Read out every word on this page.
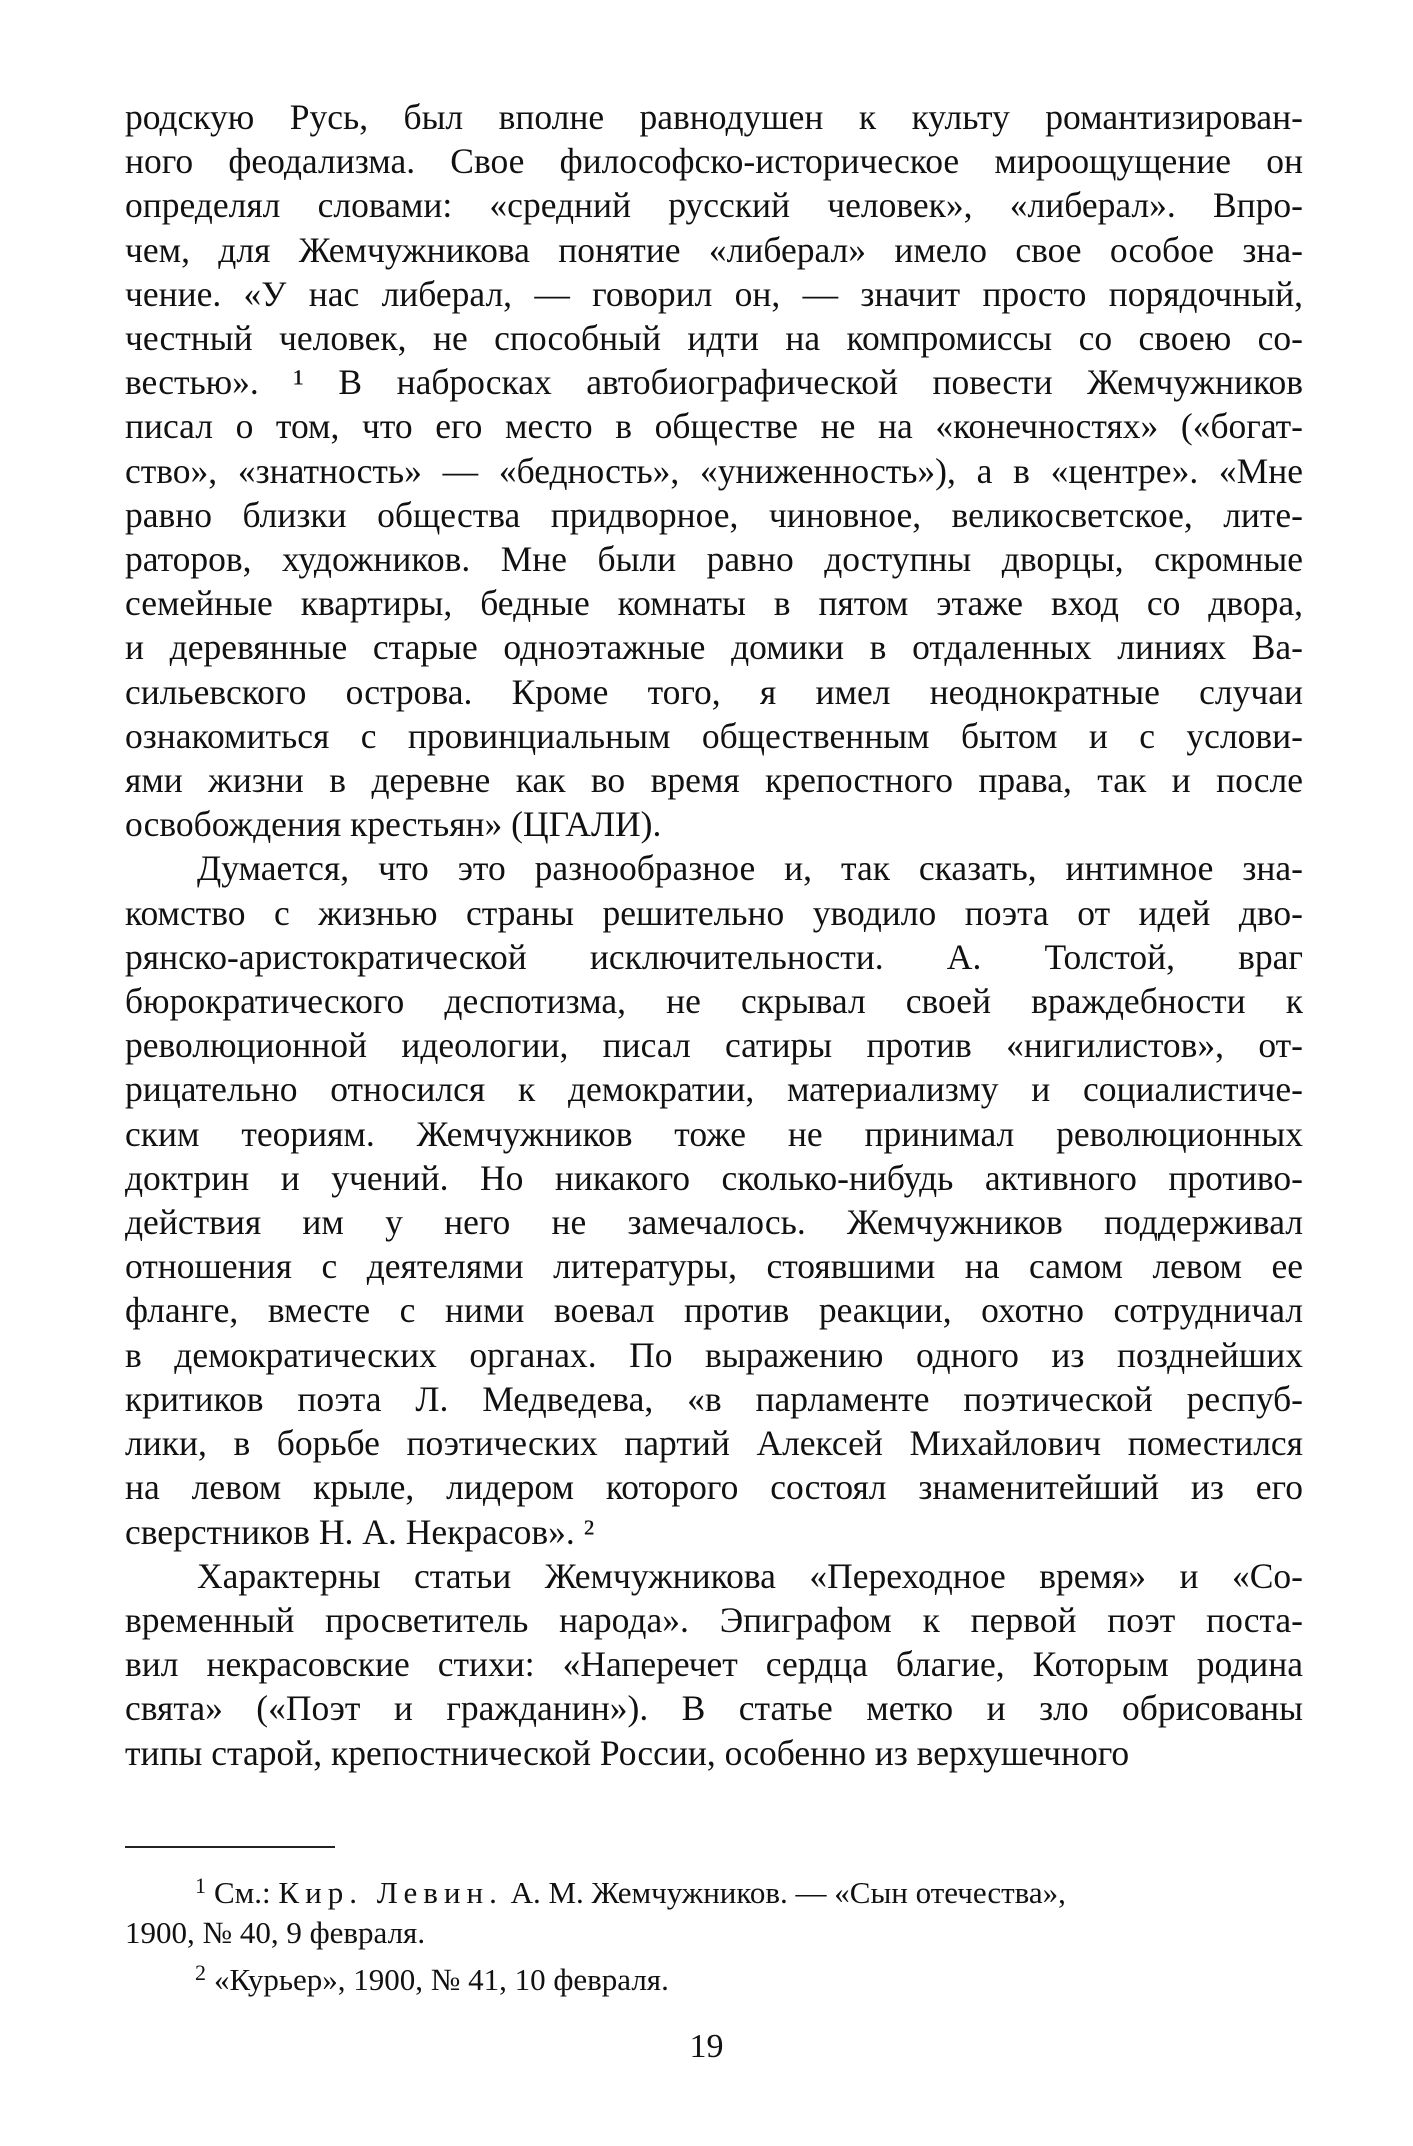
родскую Русь, был вполне равнодушен к культу романтизирован-
ного феодализма. Свое философско-историческое мироощущение он
определял словами: «средний русский человек», «либерал». Впро-
чем, для Жемчужникова понятие «либерал» имело свое особое зна-
чение. «У нас либерал, — говорил он, — значит просто порядочный,
честный человек, не способный идти на компромиссы со своею со-
вестью». ¹ В набросках автобиографической повести Жемчужников
писал о том, что его место в обществе не на «конечностях» («богат-
ство», «знатность» — «бедность», «униженность»), а в «центре». «Мне
равно близки общества придворное, чиновное, великосветское, лите-
раторов, художников. Мне были равно доступны дворцы, скромные
семейные квартиры, бедные комнаты в пятом этаже вход со двора,
и деревянные старые одноэтажные домики в отдаленных линиях Ва-
сильевского острова. Кроме того, я имел неоднократные случаи
ознакомиться с провинциальным общественным бытом и с услови-
ями жизни в деревне как во время крепостного права, так и после
освобождения крестьян» (ЦГАЛИ).

Думается, что это разнообразное и, так сказать, интимное зна-
комство с жизнью страны решительно уводило поэта от идей дво-
рянско-аристократической исключительности. А. Толстой, враг
бюрократического деспотизма, не скрывал своей враждебности к
революционной идеологии, писал сатиры против «нигилистов», от-
рицательно относился к демократии, материализму и социалистиче-
ским теориям. Жемчужников тоже не принимал революционных
доктрин и учений. Но никакого сколько-нибудь активного противо-
действия им у него не замечалось. Жемчужников поддерживал
отношения с деятелями литературы, стоявшими на самом левом ее
фланге, вместе с ними воевал против реакции, охотно сотрудничал
в демократических органах. По выражению одного из позднейших
критиков поэта Л. Медведева, «в парламенте поэтической респуб-
лики, в борьбе поэтических партий Алексей Михайлович поместился
на левом крыле, лидером которого состоял знаменитейший из его
сверстников Н. А. Некрасов». ²

Характерны статьи Жемчужникова «Переходное время» и «Со-
временный просветитель народа». Эпиграфом к первой поэт поста-
вил некрасовские стихи: «Наперечет сердца благие, Которым родина
свята» («Поэт и гражданин»). В статье метко и зло обрисованы
типы старой, крепостнической России, особенно из верхушечного

$^1$ См.: Кир. Левин. А. М. Жемчужников. — «Сын отечества»,
1900, № 40, 9 февраля.
$^2$ «Курьер», 1900, № 41, 10 февраля.
19
